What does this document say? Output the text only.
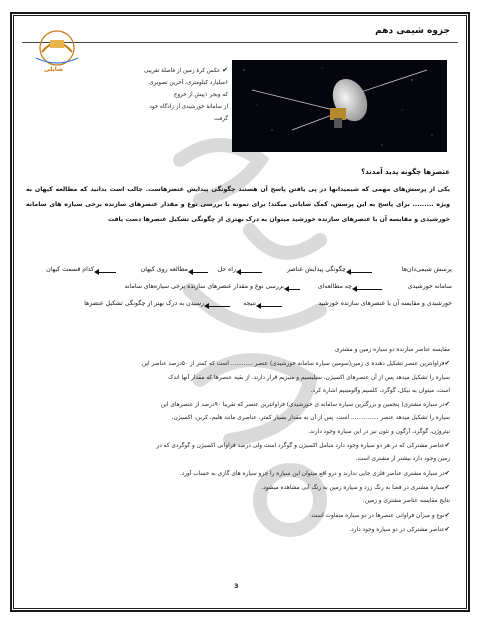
جزوه شیمی دهم
شایلی	✔ عکس کرهٔ زمین از فاصلهٔ تقریبی
۶میلیارد کیلومتری، آخرین تصویری
که ویجر ۱پیش از خروج
از سامانهٔ خورشیدی از زادگاه خود
گرفت
عنصرها چگونه پدید آمدند؟
یکی از پرسش‌های مهمی که شیمیدانها در پی یافتن پاسخ آن هستند چگونگی پیدایش عنصرهاست. جالب است بدانید که مطالعه کیهان به ویژه ......... برای پاسخ به این پرسش، کمک شایانی میکند؛ برای نمونه با بررسی نوع و مقدار عنصرهای سازنده برخی سیاره های سامانه خورشیدی و مقایسه آن با عنصرهای سازنده خورشید میتوان به درک بهتری از چگونگی تشکیل عنصرها دست یافت
پرسش شیمی‌دان‌ها
چگونگی پیدایش عناصر
راه حل
مطالعه روی کیهان
کدام قسمت کیهان
سامانه خورشیدی
چه مطالعه‌ای
بررسی نوع و مقدار عنصرهای سازنده برخی سیاره‌های سامانه
خورشیدی و مقایسه آن با عنصرهای سازنده خورشید
نتیجه
رسیدن به درک بهتر از چگونگی تشکیل عنصرها

مقایسه عناصر سازنده دو سیاره زمین و مشتری

✔فراوانترین عنصر تشکیل دهنده ی زمین(سومین سیاره سامانه خورشیدی) عنصر ............ است که کمتر از ۵۰درصد عناصر این

سیاره را تشکیل میدهد پس از آن عنصرهای اکسیژن، سیلیسیم و منیزیم قرار دارند. از بقیه عنصرها که مقدار آنها اندک

است، میتوان به نیکل، گوگرد، کلسیم وآلومینیم اشاره کرد.

✔در سیاره مشتری( پنجمین و بزرگترین سیاره سامانه ی خورشیدی) فراوانترین عنصر که تقریبا ۹۰درصد از عنصرهای این

سیاره را تشکیل میدهد عنصر ............... است. پس از آن به مقدار بسیار کمتر، عناصری مانند هلیم، کربن، اکسیژن،

نیتروژن، گوگرد، آرگون و نئون نیز در این سیاره وجود دارند.

✔عناصر مشترکی که در هر دو سیاره وجود دارد شامل اکسیژن و گوگرد است ولی درصد فراوانی اکسیژن و گوگردی که در

زمین وجود دارد بیشتر از مشتری است.

✔در سیاره مشتری عناصر فلزی جایی ندارند و درو اقع میتوان این سیاره را جزو سیاره های گازی به حساب آورد.

✔سیاره مشتری در فضا به رنگ زرد و سیاره زمین به رنگ آبی مشاهده میشود.

نتایج مقایسه عناصر مشتری و زمین:

✔نوع و میزان فراوانی عنصرها در دو سیاره متفاوت است.

✔عناصر مشترکی در دو سیاره وجود دارد.

3
